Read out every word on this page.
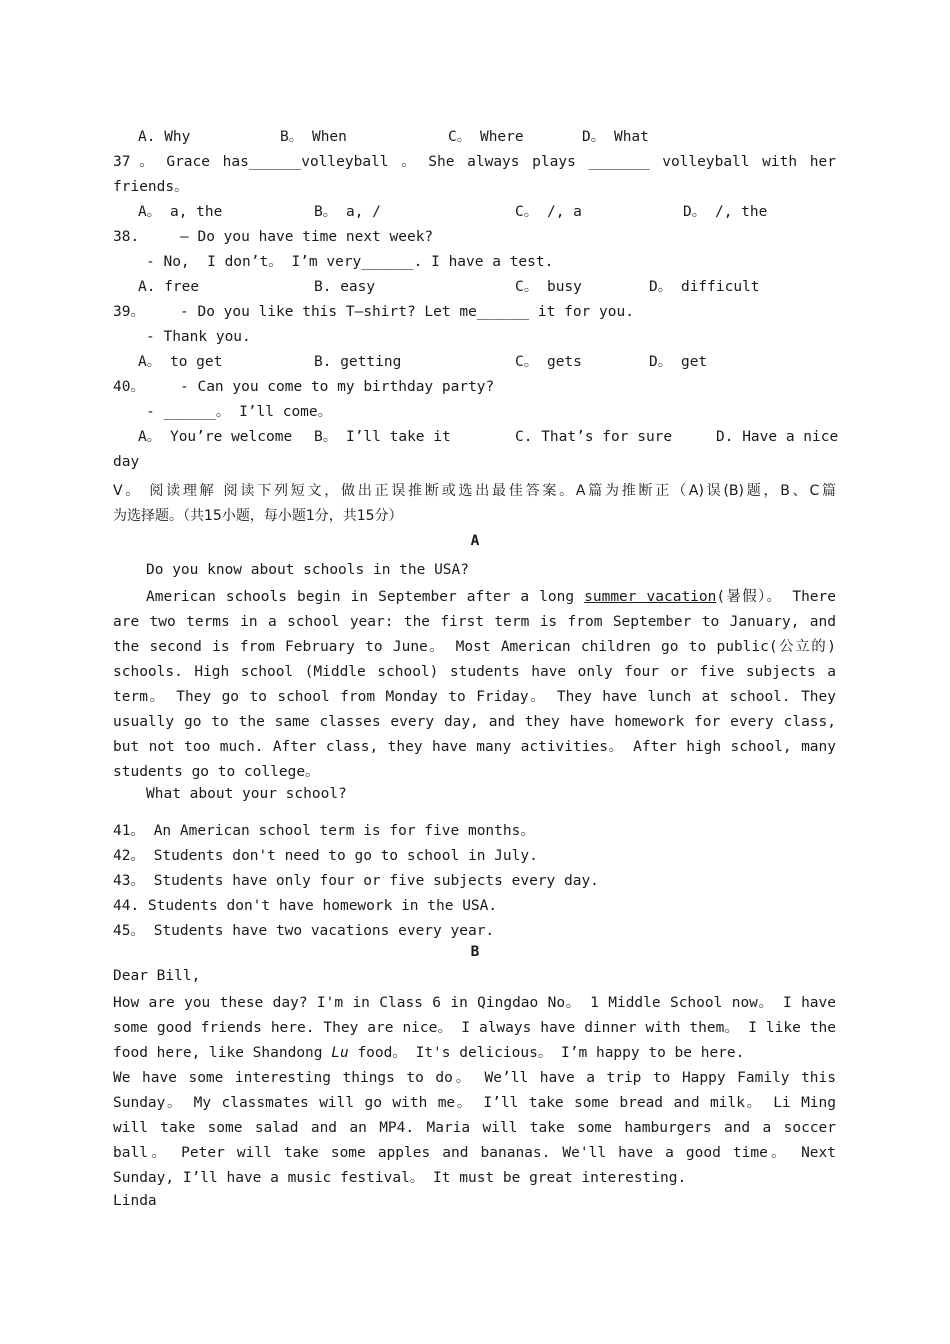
A. Why	B。 When	C。 Where	D。 What
37 。 Grace has______volleyball 。 She always plays _______ volleyball with her
friends。
A。 a, the	B。 a, /	C。 /, a	D。 /, the
38.	— Do you have time next week?
- No,  I don’t。 I’m very______. I have a test.
A. free	B. easy	C。 busy	D。 difficult
39。 - Do you like this T—shirt? Let me______ it for you.
- Thank you.
A。 to get	B. getting	C。 gets	D。 get
40。 - Can you come to my birthday party?
- ______。 I’ll come。
A。 You’re welcome B。 I’ll take it	C. That’s for sure	D. Have a nice
day
V。 阅读理解 阅读下列短文，做出正误推断或选出最佳答案。A篇为推断正（A)误(B)题，B、C篇
为选择题。（共15小题，每小题1分，共15分）
A
Do you know about schools in the USA?
American schools begin in September after a long summer vacation(暑假）。 There are two terms in a school year: the first term is from September to January, and the second is from February to June。 Most American children go to public(公立的) schools. High school (Middle school) students have only four or five subjects a term。 They go to school from Monday to Friday。 They have lunch at school. They usually go to the same classes every day, and they have homework for every class, but not too much. After class, they have many activities。 After high school, many students go to college。
What about your school?
41。 An American school term is for five months。
42。 Students don't need to go to school in July.
43。 Students have only four or five subjects every day.
44. Students don't have homework in the USA.
45。 Students have two vacations every year.
B
Dear Bill,
How are you these day? I'm in Class 6 in Qingdao No。 1 Middle School now。 I have some good friends here. They are nice。 I always have dinner with them。 I like the food here, like Shandong Lu food。 It's delicious。 I’m happy to be here.
We have some interesting things to do。 We’ll have a trip to Happy Family this Sunday。 My classmates will go with me。 I’ll take some bread and milk。 Li Ming will take some salad and an MP4. Maria will take some hamburgers and a soccer ball。 Peter will take some apples and bananas. We'll have a good time。 Next Sunday, I’ll have a music festival。 It must be great interesting.
Linda
